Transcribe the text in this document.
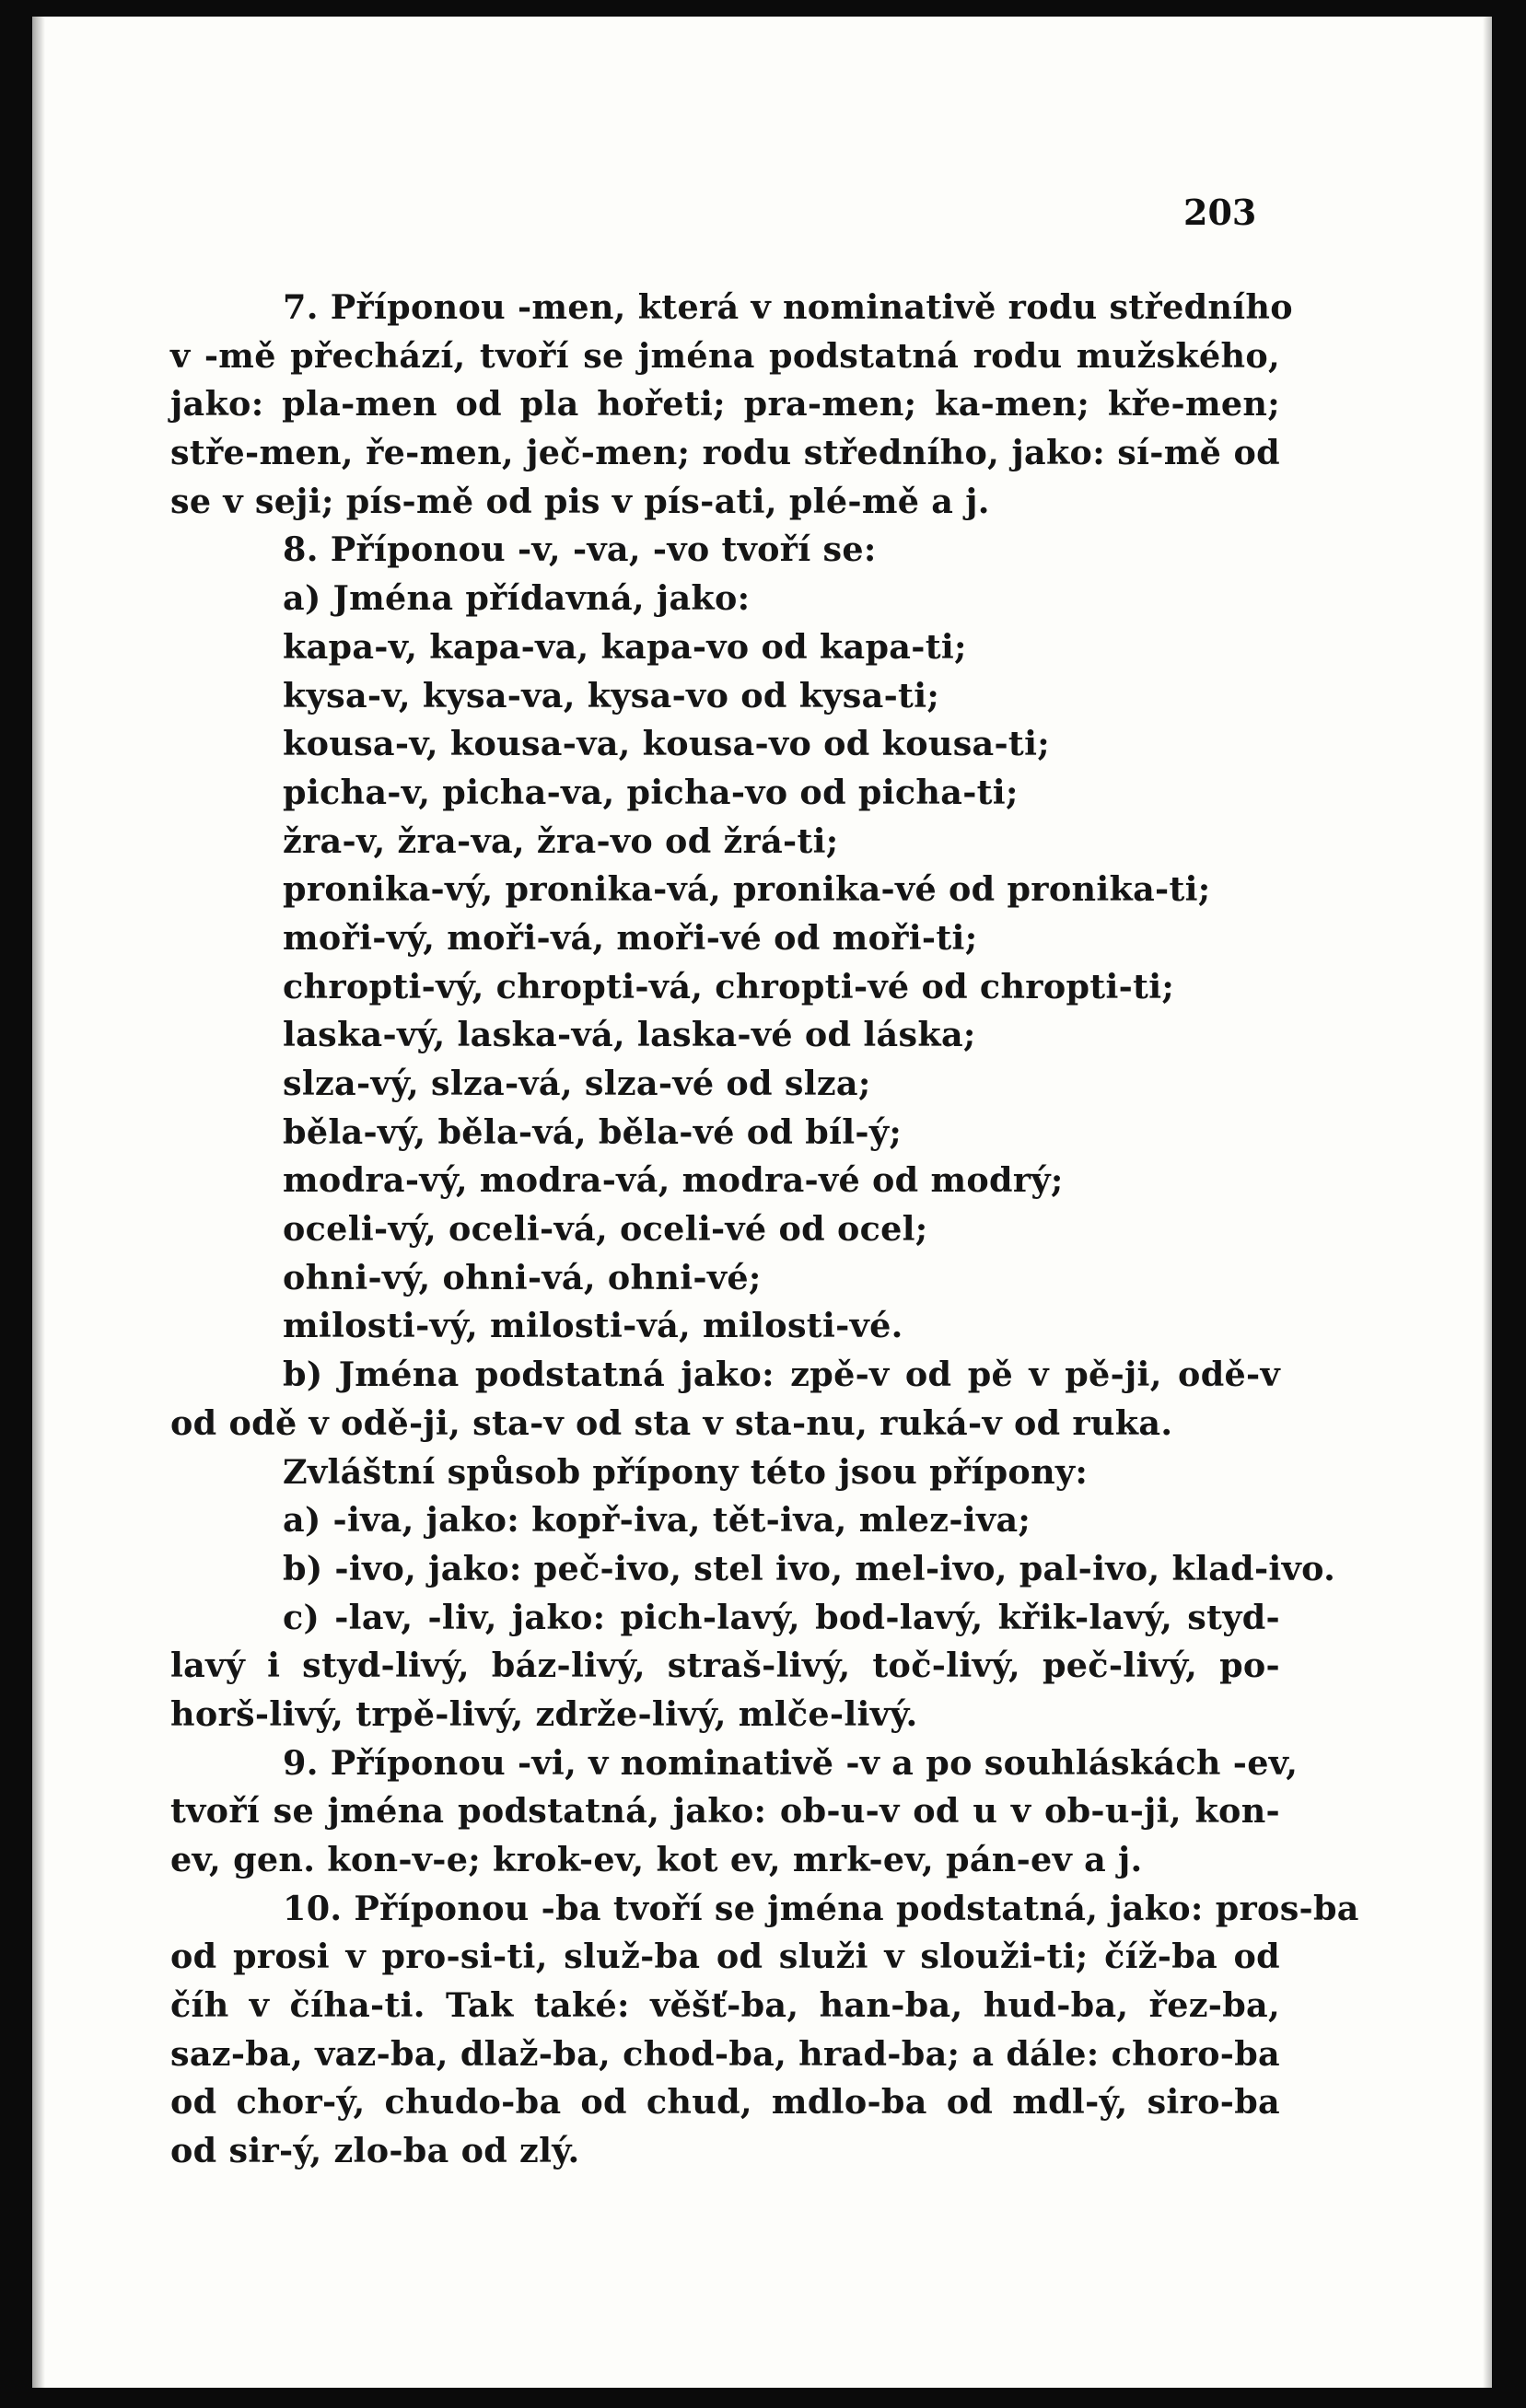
203
7. Příponou -men, která v nominativě rodu středního
v -mě přechází, tvoří se jména podstatná rodu mužského,
jako: pla-men od pla hořeti; pra-men; ka-men; kře-men;
stře-men, ře-men, ječ-men; rodu středního, jako: sí-mě od
se v seji; pís-mě od pis v pís-ati, plé-mě a j.
8. Příponou -v, -va, -vo tvoří se:
a) Jména přídavná, jako:
kapa-v, kapa-va, kapa-vo od kapa-ti;
kysa-v, kysa-va, kysa-vo od kysa-ti;
kousa-v, kousa-va, kousa-vo od kousa-ti;
picha-v, picha-va, picha-vo od picha-ti;
žra-v, žra-va, žra-vo od žrá-ti;
pronika-vý, pronika-vá, pronika-vé od pronika-ti;
moři-vý, moři-vá, moři-vé od moři-ti;
chropti-vý, chropti-vá, chropti-vé od chropti-ti;
laska-vý, laska-vá, laska-vé od láska;
slza-vý, slza-vá, slza-vé od slza;
běla-vý, běla-vá, běla-vé od bíl-ý;
modra-vý, modra-vá, modra-vé od modrý;
oceli-vý, oceli-vá, oceli-vé od ocel;
ohni-vý, ohni-vá, ohni-vé;
milosti-vý, milosti-vá, milosti-vé.
b) Jména podstatná jako: zpě-v od pě v pě-ji, odě-v
od odě v odě-ji, sta-v od sta v sta-nu, ruká-v od ruka.
Zvláštní spůsob přípony této jsou přípony:
a) -iva, jako: kopř-iva, tět-iva, mlez-iva;
b) -ivo, jako: peč-ivo, stel ivo, mel-ivo, pal-ivo, klad-ivo.
c) -lav, -liv, jako: pich-lavý, bod-lavý, křik-lavý, styd-
lavý i styd-livý, báz-livý, straš-livý, toč-livý, peč-livý, po-
horš-livý, trpě-livý, zdrže-livý, mlče-livý.
9. Příponou -vi, v nominativě -v a po souhláskách -ev,
tvoří se jména podstatná, jako: ob-u-v od u v ob-u-ji, kon-
ev, gen. kon-v-e; krok-ev, kot ev, mrk-ev, pán-ev a j.
10. Příponou -ba tvoří se jména podstatná, jako: pros-ba
od prosi v pro-si-ti, služ-ba od služi v slouži-ti; číž-ba od
číh v číha-ti. Tak také: věšť-ba, han-ba, hud-ba, řez-ba,
saz-ba, vaz-ba, dlaž-ba, chod-ba, hrad-ba; a dále: choro-ba
od chor-ý, chudo-ba od chud, mdlo-ba od mdl-ý, siro-ba
od sir-ý, zlo-ba od zlý.
